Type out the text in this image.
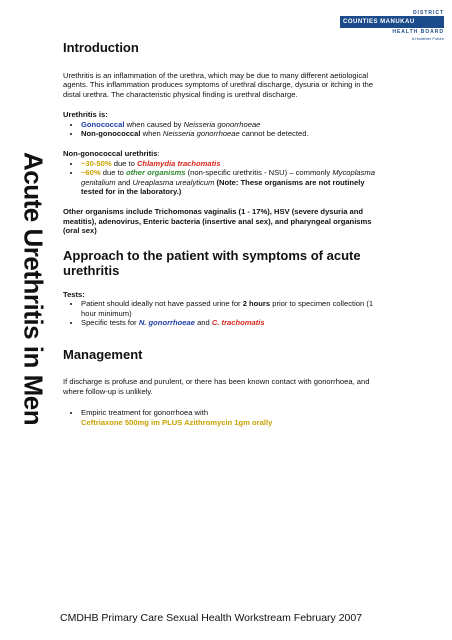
DISTRICT
COUNTIES MANUKAU
HEALTH BOARD
A Healthier Future
Acute Urethritis in Men
Introduction

Urethritis is an inflammation of the urethra, which may be due to many different aetiological agents. This inflammation produces symptoms of urethral discharge, dysuria or itching in the distal urethra. The characteristic physical finding is urethral discharge.

Urethritis is:

• Gonococcal when caused by Neisseria gonorrhoeae
• Non-gonococcal when Neisseria gonorrhoeae cannot be detected.

Non-gonococcal urethritis:

• ~30-50% due to Chlamydia trachomatis
• ~60% due to other organisms (non-specific urethritis - NSU) – commonly Mycoplasma genitalium and Ureaplasma urealyticum (Note: These organisms are not routinely tested for in the laboratory.)

Other organisms include Trichomonas vaginalis (1 - 17%), HSV (severe dysuria and meatitis), adenovirus, Enteric bacteria (insertive anal sex), and pharyngeal organisms (oral sex)

Approach to the patient with symptoms of acute urethritis

Tests:

• Patient should ideally not have passed urine for 2 hours prior to specimen collection (1 hour minimum)
• Specific tests for N. gonorrhoeae and C. trachomatis
Management

If discharge is profuse and purulent, or there has been known contact with gonorrhoea, and where follow-up is unlikely.

• Empiric treatment for gonorrhoea with
Ceftriaxone 500mg im PLUS Azithromycin 1gm orally
CMDHB Primary Care Sexual Health Workstream February 2007
